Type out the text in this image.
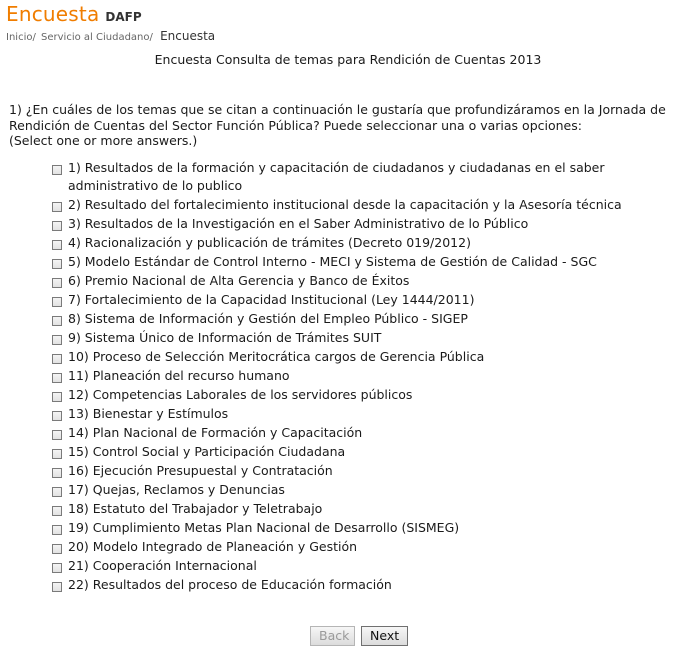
Encuesta DAFP
Inicio/ Servicio al Ciudadano/ Encuesta
Encuesta Consulta de temas para Rendición de Cuentas 2013
1) ¿En cuáles de los temas que se citan a continuación le gustaría que profundizáramos en la Jornada de Rendición de Cuentas del Sector Función Pública? Puede seleccionar una o varias opciones:
(Select one or more answers.)
1) Resultados de la formación y capacitación de ciudadanos y ciudadanas en el saber administrativo de lo publico
2) Resultado del fortalecimiento institucional desde la capacitación y la Asesoría técnica
3) Resultados de la Investigación en el Saber Administrativo de lo Público
4) Racionalización y publicación de trámites (Decreto 019/2012)
5) Modelo Estándar de Control Interno - MECI y Sistema de Gestión de Calidad - SGC
6) Premio Nacional de Alta Gerencia y Banco de Éxitos
7) Fortalecimiento de la Capacidad Institucional (Ley 1444/2011)
8) Sistema de Información y Gestión del Empleo Público - SIGEP
9) Sistema Único de Información de Trámites SUIT
10) Proceso de Selección Meritocrática cargos de Gerencia Pública
11) Planeación del recurso humano
12) Competencias Laborales de los servidores públicos
13) Bienestar y Estímulos
14) Plan Nacional de Formación y Capacitación
15) Control Social y Participación Ciudadana
16) Ejecución Presupuestal y Contratación
17) Quejas, Reclamos y Denuncias
18) Estatuto del Trabajador y Teletrabajo
19) Cumplimiento Metas Plan Nacional de Desarrollo (SISMEG)
20) Modelo Integrado de Planeación y Gestión
21) Cooperación Internacional
22) Resultados del proceso de Educación formación
Back	Next
